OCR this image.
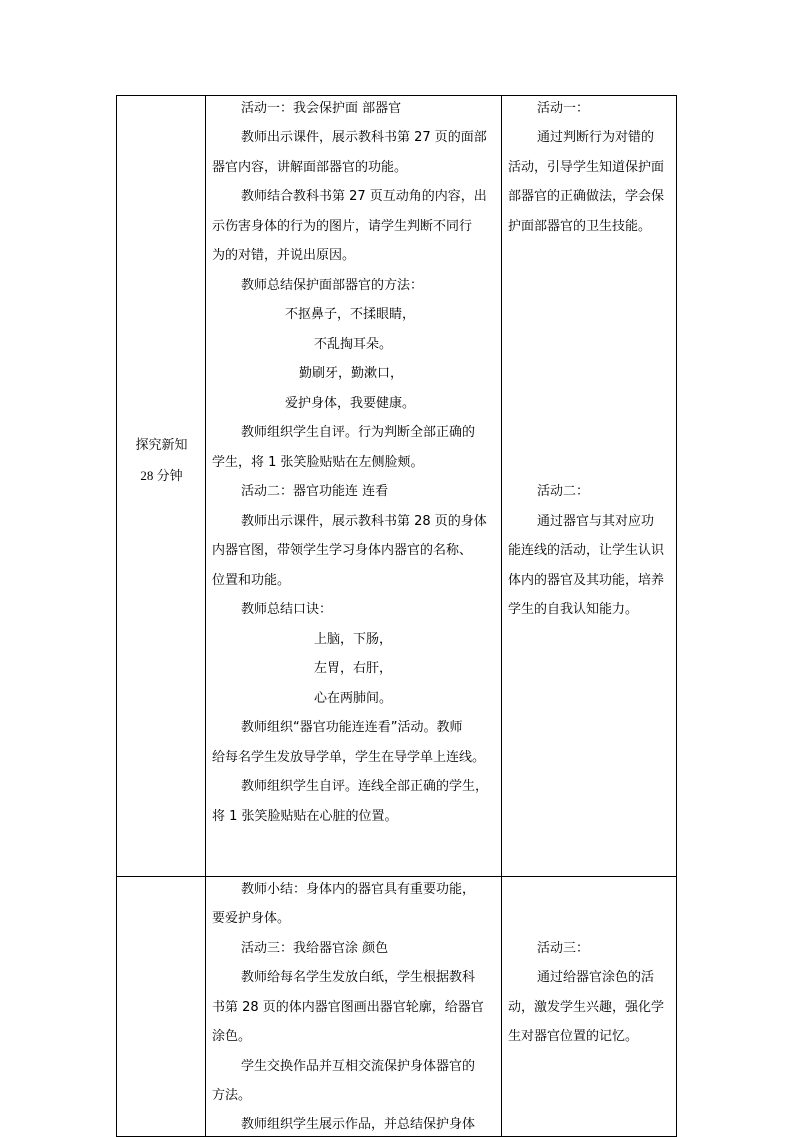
探究新知
28 分钟
活动一：我会保护面 部器官
教师出示课件，展示教科书第 27 页的面部
器官内容，讲解面部器官的功能。
教师结合教科书第 27 页互动角的内容，出
示伤害身体的行为的图片，请学生判断不同行
为的对错，并说出原因。
教师总结保护面部器官的方法：
不抠鼻子，不揉眼睛，
不乱掏耳朵。
勤刷牙，勤漱口，
爱护身体，我要健康。
教师组织学生自评。行为判断全部正确的
学生，将 1 张笑脸贴贴在左侧脸颊。
活动二：器官功能连 连看
教师出示课件，展示教科书第 28 页的身体
内器官图，带领学生学习身体内器官的名称、
位置和功能。
教师总结口诀：
上脑，下肠，
左胃，右肝，
心在两肺间。
教师组织“器官功能连连看”活动。教师
给每名学生发放导学单，学生在导学单上连线。
教师组织学生自评。连线全部正确的学生，
将 1 张笑脸贴贴在心脏的位置。
活动一：
通过判断行为对错的
活动，引导学生知道保护面
部器官的正确做法，学会保
护面部器官的卫生技能。
活动二：
通过器官与其对应功
能连线的活动，让学生认识
体内的器官及其功能，培养
学生的自我认知能力。
教师小结：身体内的器官具有重要功能，
要爱护身体。
活动三：我给器官涂 颜色
教师给每名学生发放白纸，学生根据教科
书第 28 页的体内器官图画出器官轮廓，给器官
涂色。
学生交换作品并互相交流保护身体器官的
方法。
教师组织学生展示作品，并总结保护身体
活动三：
通过给器官涂色的活
动，激发学生兴趣，强化学
生对器官位置的记忆。
